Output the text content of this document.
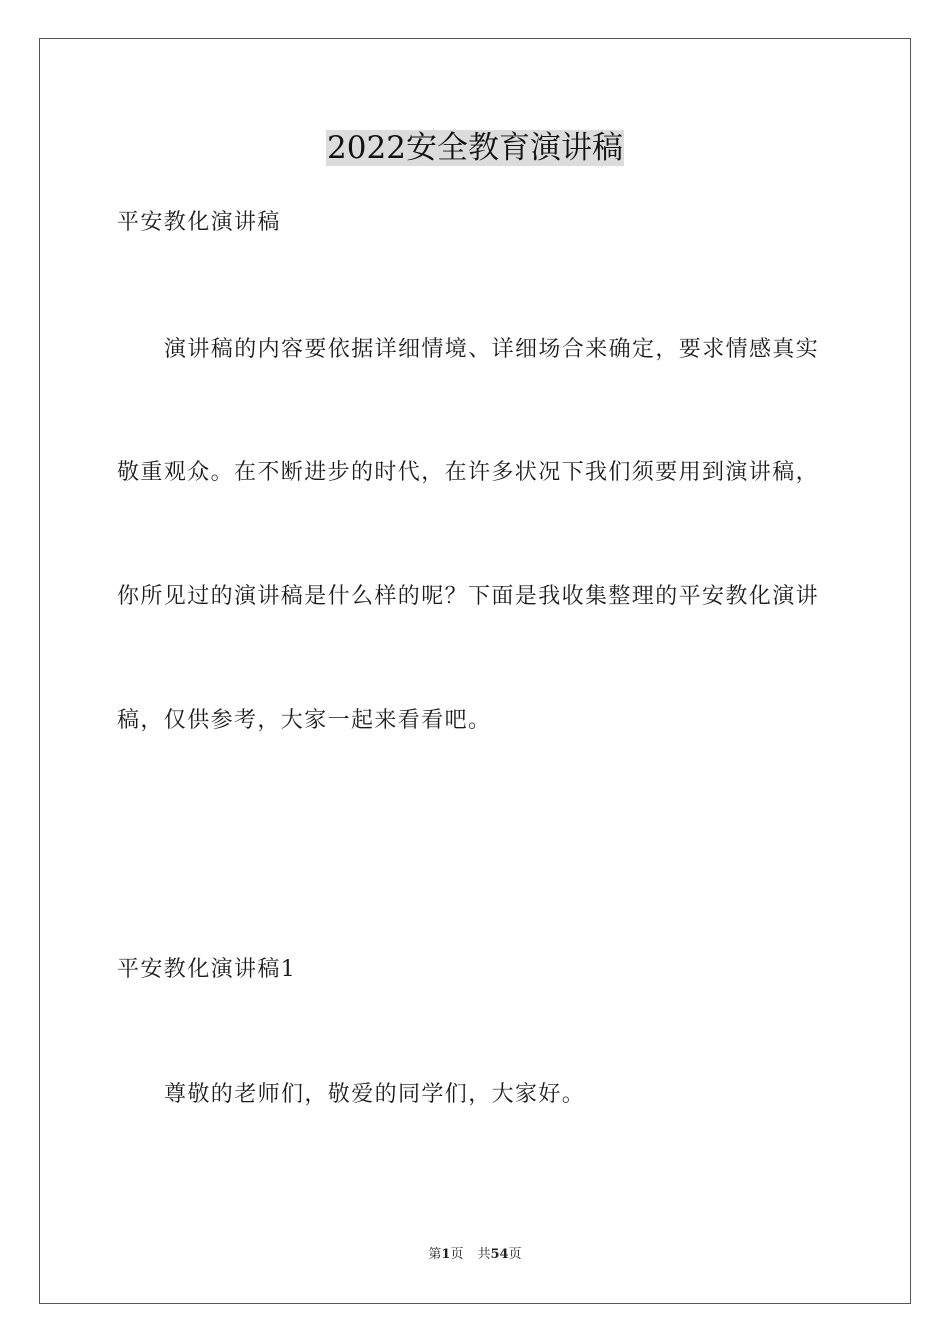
2022安全教育演讲稿
平安教化演讲稿
演讲稿的内容要依据详细情境、详细场合来确定，要求情感真实
敬重观众。在不断进步的时代，在许多状况下我们须要用到演讲稿，
你所见过的演讲稿是什么样的呢？下面是我收集整理的平安教化演讲
稿，仅供参考，大家一起来看看吧。
平安教化演讲稿1
尊敬的老师们，敬爱的同学们，大家好。
第1页 共54页
